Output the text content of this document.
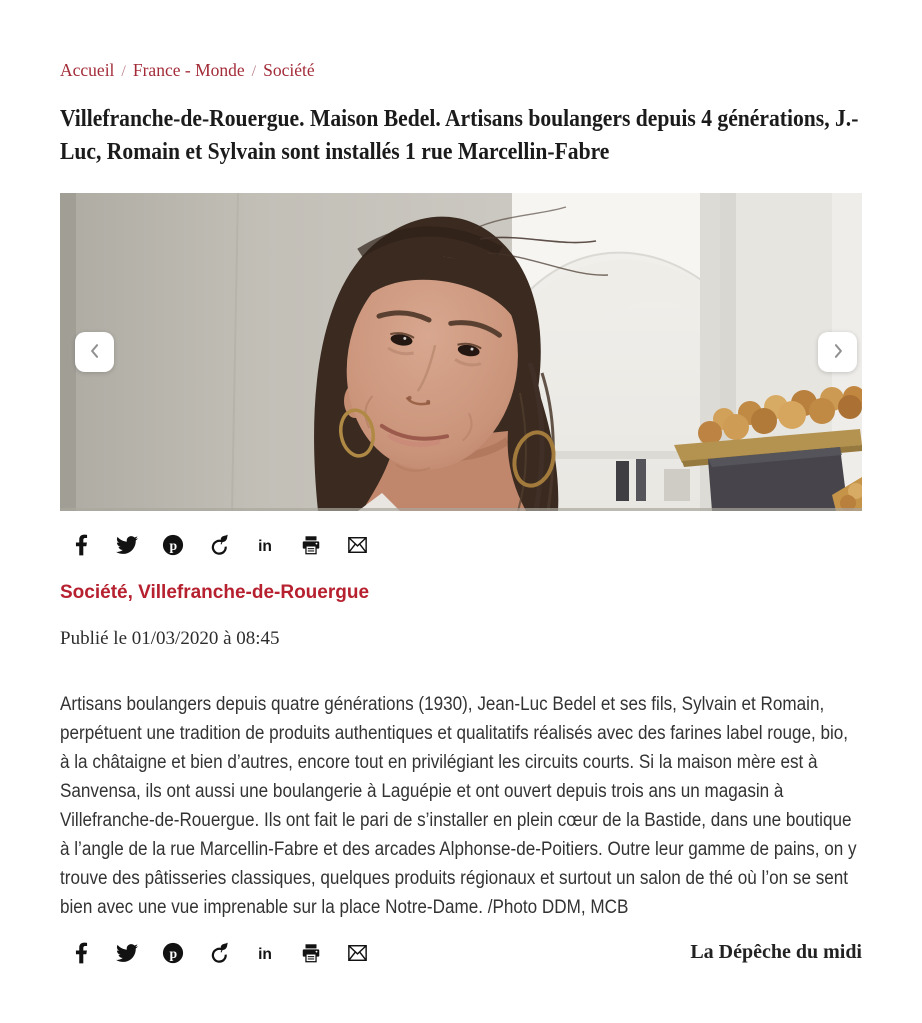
Accueil / France - Monde / Société
Villefranche-de-Rouergue. Maison Bedel. Artisans boulangers depuis 4 générations, J.-Luc, Romain et Sylvain sont installés 1 rue Marcellin-Fabre
p	in
Société, Villefranche-de-Rouergue
Publié le 01/03/2020 à 08:45

Artisans boulangers depuis quatre générations (1930), Jean-Luc Bedel et ses fils, Sylvain et Romain, perpétuent une tradition de produits authentiques et qualitatifs réalisés avec des farines label rouge, bio, à la châtaigne et bien d’autres, encore tout en privilégiant les circuits courts. Si la maison mère est à Sanvensa, ils ont aussi une boulangerie à Laguépie et ont ouvert depuis trois ans un magasin à Villefranche-de-Rouergue. Ils ont fait le pari de s’installer en plein cœur de la Bastide, dans une boutique à l’angle de la rue Marcellin-Fabre et des arcades Alphonse-de-Poitiers. Outre leur gamme de pains, on y trouve des pâtisseries classiques, quelques produits régionaux et surtout un salon de thé où l’on se sent bien avec une vue imprenable sur la place Notre-Dame. /Photo DDM, MCB

p	in	La Dépêche du midi
